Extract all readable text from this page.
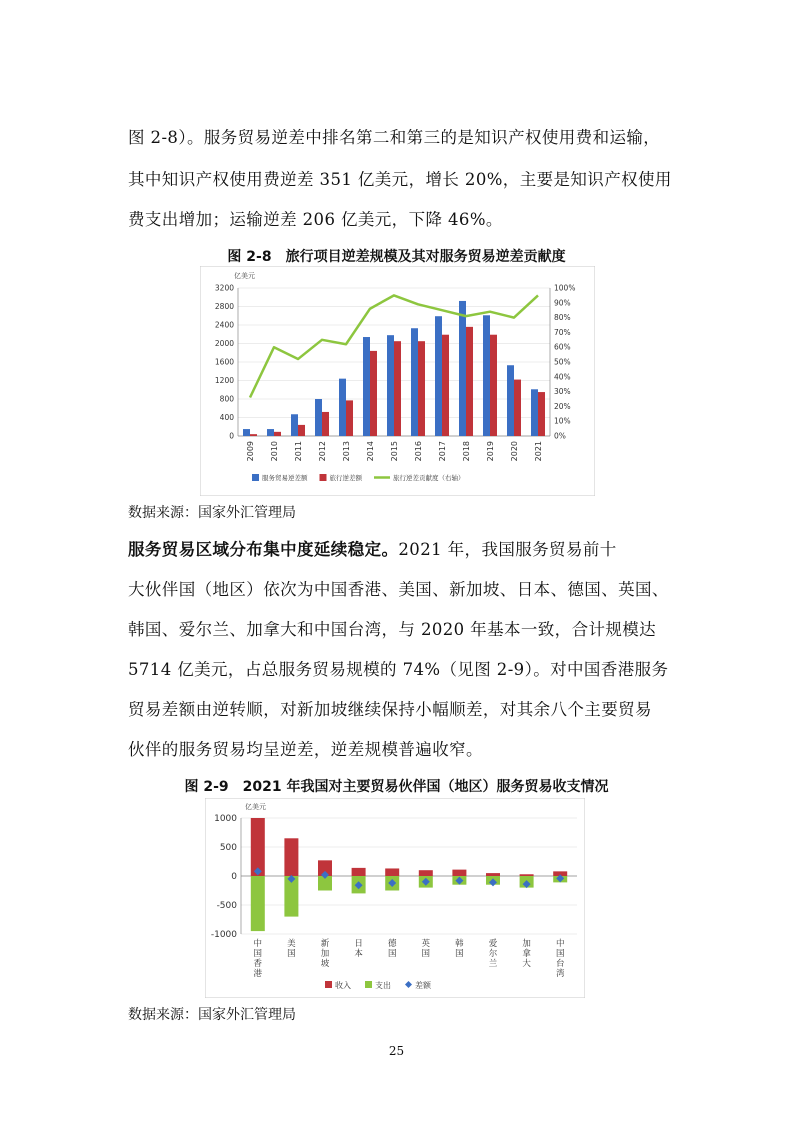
图 2-8）。服务贸易逆差中排名第二和第三的是知识产权使用费和运输，

其中知识产权使用费逆差 351 亿美元，增长 20%，主要是知识产权使用

费支出增加；运输逆差 206 亿美元，下降 46%。

图 2-8　旅行项目逆差规模及其对服务贸易逆差贡献度
亿美元
0
400
800
1200
1600
2000
2400
2800
3200
0%
10%
20%
30%
40%
50%
60%
70%
80%
90%
100%
2009 2010 2011 2012 2013 2014 2015 2016 2017 2018 2019 2020 2021
服务贸易逆差额	旅行逆差额	旅行逆差贡献度（右轴）
数据来源：国家外汇管理局

服务贸易区域分布集中度延续稳定。2021 年，我国服务贸易前十

大伙伴国（地区）依次为中国香港、美国、新加坡、日本、德国、英国、

韩国、爱尔兰、加拿大和中国台湾，与 2020 年基本一致，合计规模达

5714 亿美元，占总服务贸易规模的 74%（见图 2-9）。对中国香港服务

贸易差额由逆转顺，对新加坡继续保持小幅顺差，对其余八个主要贸易

伙伴的服务贸易均呈逆差，逆差规模普遍收窄。

图 2-9　2021 年我国对主要贸易伙伴国（地区）服务贸易收支情况
亿美元
-1000
-500
0
500
1000
中
国
香
港
美
国
新
加
坡
日
本
德
国
英
国
韩
国
爱
尔
兰
加
拿
大
中
国
台
湾
收入	支出	差额
数据来源：国家外汇管理局
25
